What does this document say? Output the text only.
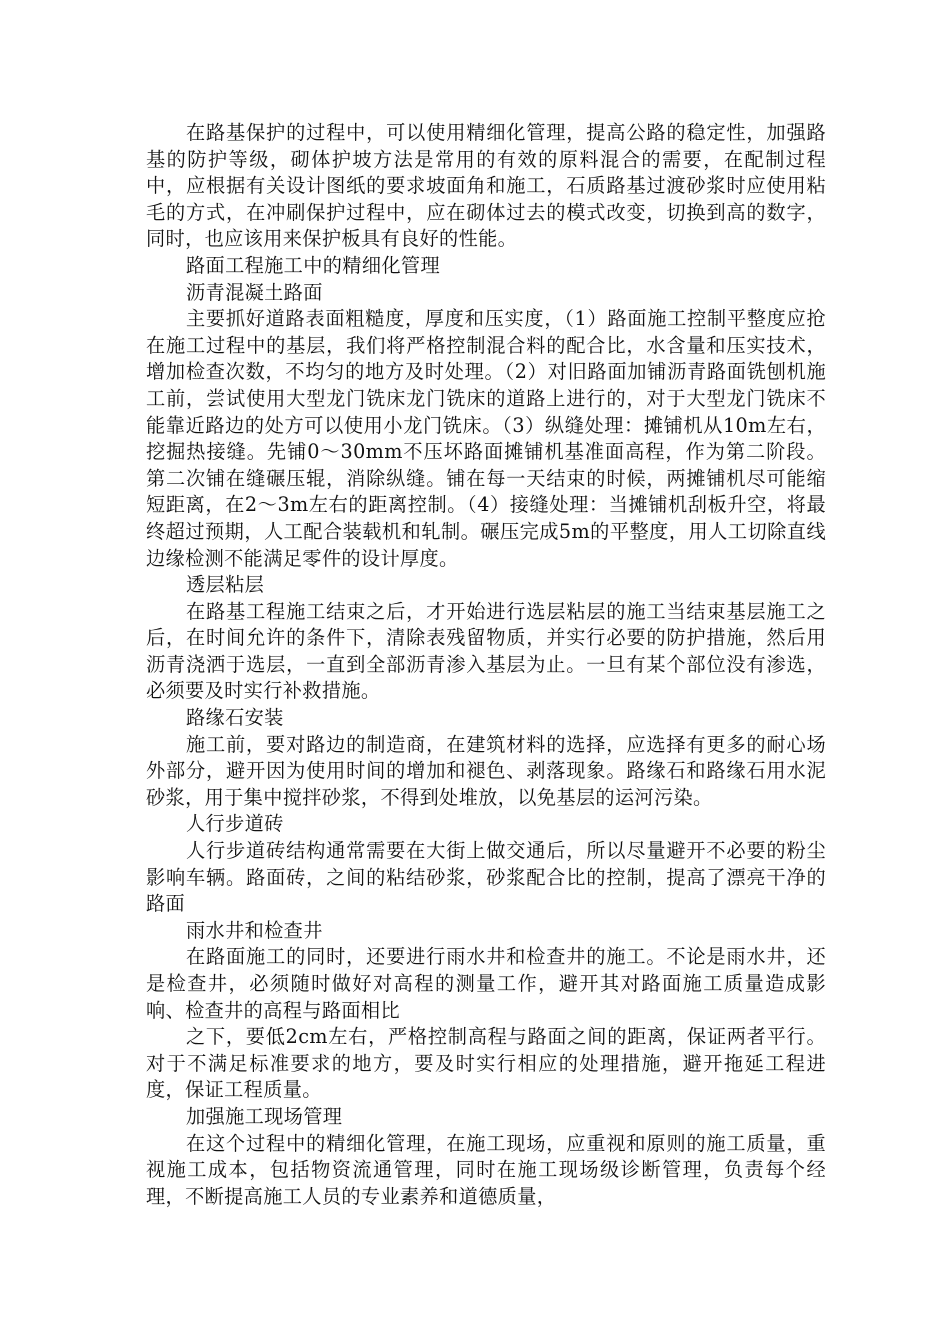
在路基保护的过程中，可以使用精细化管理，提高公路的稳定性，加强路基的防护等级，砌体护坡方法是常用的有效的原料混合的需要，在配制过程中，应根据有关设计图纸的要求坡面角和施工，石质路基过渡砂浆时应使用粘毛的方式，在冲刷保护过程中，应在砌体过去的模式改变，切换到高的数字，同时，也应该用来保护板具有良好的性能。

路面工程施工中的精细化管理

沥青混凝土路面

主要抓好道路表面粗糙度，厚度和压实度，（1）路面施工控制平整度应抢在施工过程中的基层，我们将严格控制混合料的配合比，水含量和压实技术，增加检查次数，不均匀的地方及时处理。（2）对旧路面加铺沥青路面铣刨机施工前，尝试使用大型龙门铣床龙门铣床的道路上进行的，对于大型龙门铣床不能靠近路边的处方可以使用小龙门铣床。（3）纵缝处理：摊铺机从10m左右，挖掘热接缝。先铺0～30mm不压坏路面摊铺机基准面高程，作为第二阶段。第二次铺在缝碾压辊，消除纵缝。铺在每一天结束的时候，两摊铺机尽可能缩短距离，在2～3m左右的距离控制。（4）接缝处理：当摊铺机刮板升空，将最终超过预期，人工配合装载机和轧制。碾压完成5m的平整度，用人工切除直线边缘检测不能满足零件的设计厚度。

透层粘层

在路基工程施工结束之后，才开始进行选层粘层的施工当结束基层施工之后，在时间允许的条件下，清除表残留物质，并实行必要的防护措施，然后用沥青浇洒于选层，一直到全部沥青渗入基层为止。一旦有某个部位没有渗选，必须要及时实行补救措施。

路缘石安装

施工前，要对路边的制造商，在建筑材料的选择，应选择有更多的耐心场外部分，避开因为使用时间的增加和褪色、剥落现象。路缘石和路缘石用水泥砂浆，用于集中搅拌砂浆，不得到处堆放，以免基层的运河污染。

人行步道砖

人行步道砖结构通常需要在大街上做交通后，所以尽量避开不必要的粉尘影响车辆。路面砖，之间的粘结砂浆，砂浆配合比的控制，提高了漂亮干净的路面

雨水井和检查井

在路面施工的同时，还要进行雨水井和检查井的施工。不论是雨水井，还是检查井，必须随时做好对高程的测量工作，避开其对路面施工质量造成影响、检查井的高程与路面相比

之下，要低2cm左右，严格控制高程与路面之间的距离，保证两者平行。对于不满足标准要求的地方，要及时实行相应的处理措施，避开拖延工程进度，保证工程质量。

加强施工现场管理

在这个过程中的精细化管理，在施工现场，应重视和原则的施工质量，重视施工成本，包括物资流通管理，同时在施工现场级诊断管理，负责每个经理，不断提高施工人员的专业素养和道德质量，
